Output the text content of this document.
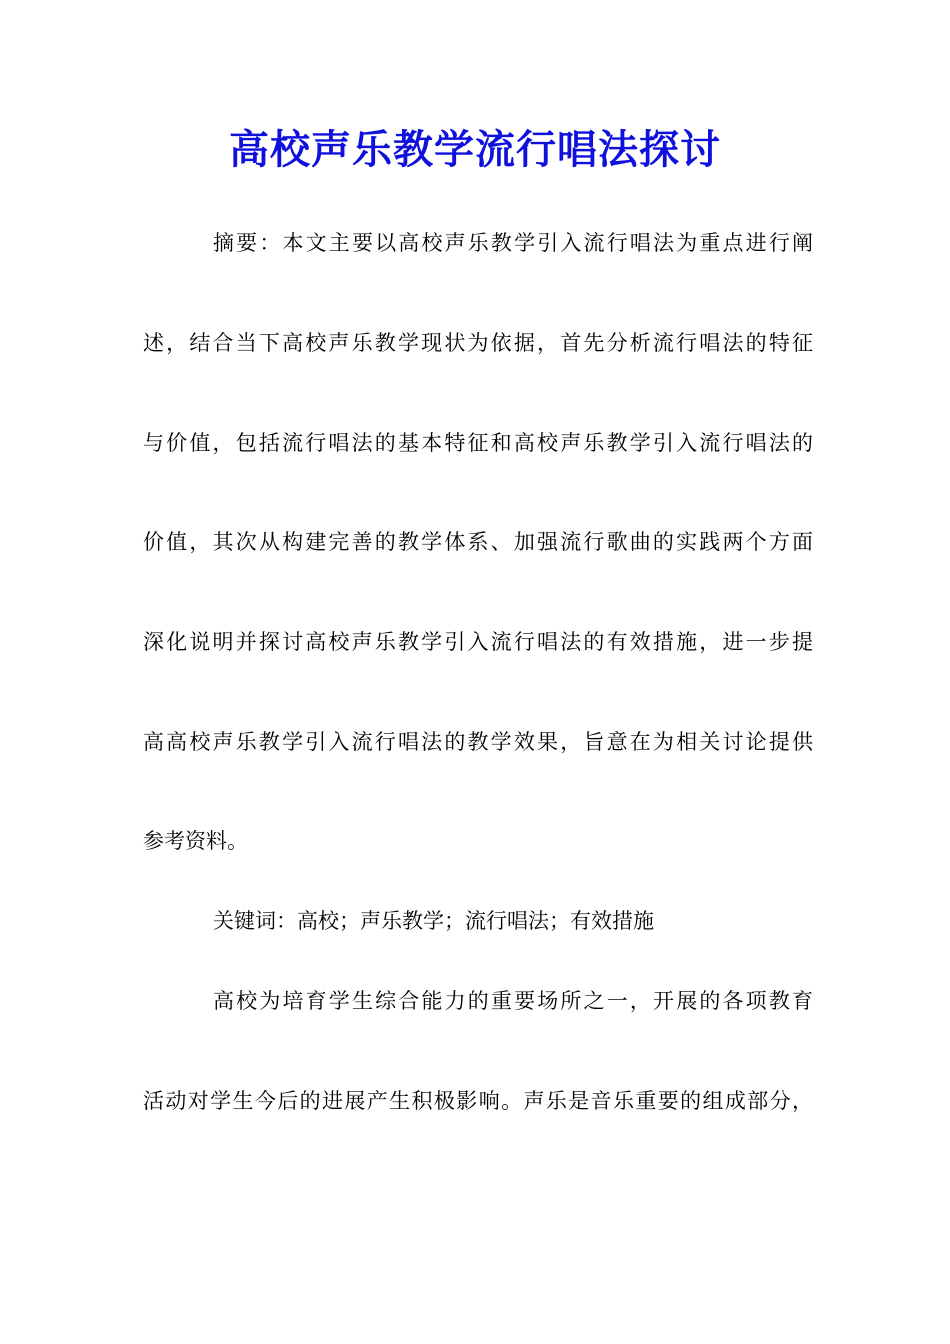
高校声乐教学流行唱法探讨
摘要：本文主要以高校声乐教学引入流行唱法为重点进行阐
述，结合当下高校声乐教学现状为依据，首先分析流行唱法的特征
与价值，包括流行唱法的基本特征和高校声乐教学引入流行唱法的
价值，其次从构建完善的教学体系、加强流行歌曲的实践两个方面
深化说明并探讨高校声乐教学引入流行唱法的有效措施，进一步提
高高校声乐教学引入流行唱法的教学效果，旨意在为相关讨论提供
参考资料。
关键词：高校；声乐教学；流行唱法；有效措施
高校为培育学生综合能力的重要场所之一，开展的各项教育
活动对学生今后的进展产生积极影响。声乐是音乐重要的组成部分，
